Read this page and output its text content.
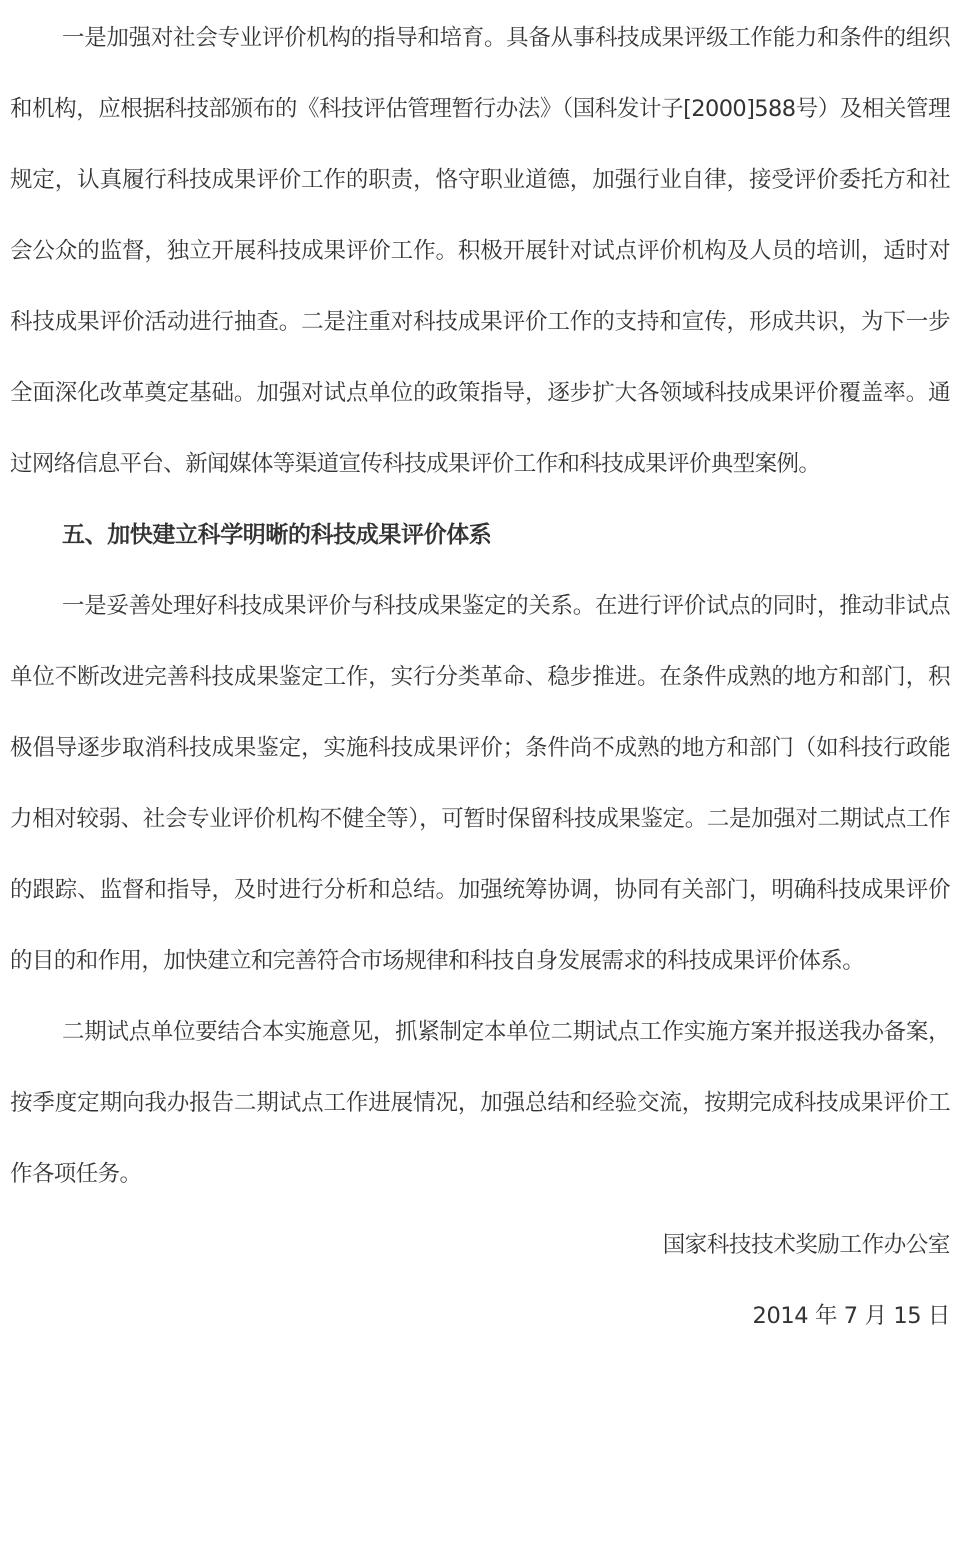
一是加强对社会专业评价机构的指导和培育。具备从事科技成果评级工作能力和条件的组织和机构，应根据科技部颁布的《科技评估管理暂行办法》（国科发计子[2000]588号）及相关管理规定，认真履行科技成果评价工作的职责，恪守职业道德，加强行业自律，接受评价委托方和社会公众的监督，独立开展科技成果评价工作。积极开展针对试点评价机构及人员的培训，适时对科技成果评价活动进行抽查。二是注重对科技成果评价工作的支持和宣传，形成共识，为下一步全面深化改革奠定基础。加强对试点单位的政策指导，逐步扩大各领域科技成果评价覆盖率。通过网络信息平台、新闻媒体等渠道宣传科技成果评价工作和科技成果评价典型案例。

五、加快建立科学明晰的科技成果评价体系

一是妥善处理好科技成果评价与科技成果鉴定的关系。在进行评价试点的同时，推动非试点单位不断改进完善科技成果鉴定工作，实行分类革命、稳步推进。在条件成熟的地方和部门，积极倡导逐步取消科技成果鉴定，实施科技成果评价；条件尚不成熟的地方和部门（如科技行政能力相对较弱、社会专业评价机构不健全等），可暂时保留科技成果鉴定。二是加强对二期试点工作的跟踪、监督和指导，及时进行分析和总结。加强统筹协调，协同有关部门，明确科技成果评价的目的和作用，加快建立和完善符合市场规律和科技自身发展需求的科技成果评价体系。

二期试点单位要结合本实施意见，抓紧制定本单位二期试点工作实施方案并报送我办备案，按季度定期向我办报告二期试点工作进展情况，加强总结和经验交流，按期完成科技成果评价工作各项任务。

国家科技技术奖励工作办公室

2014 年 7 月 15 日
